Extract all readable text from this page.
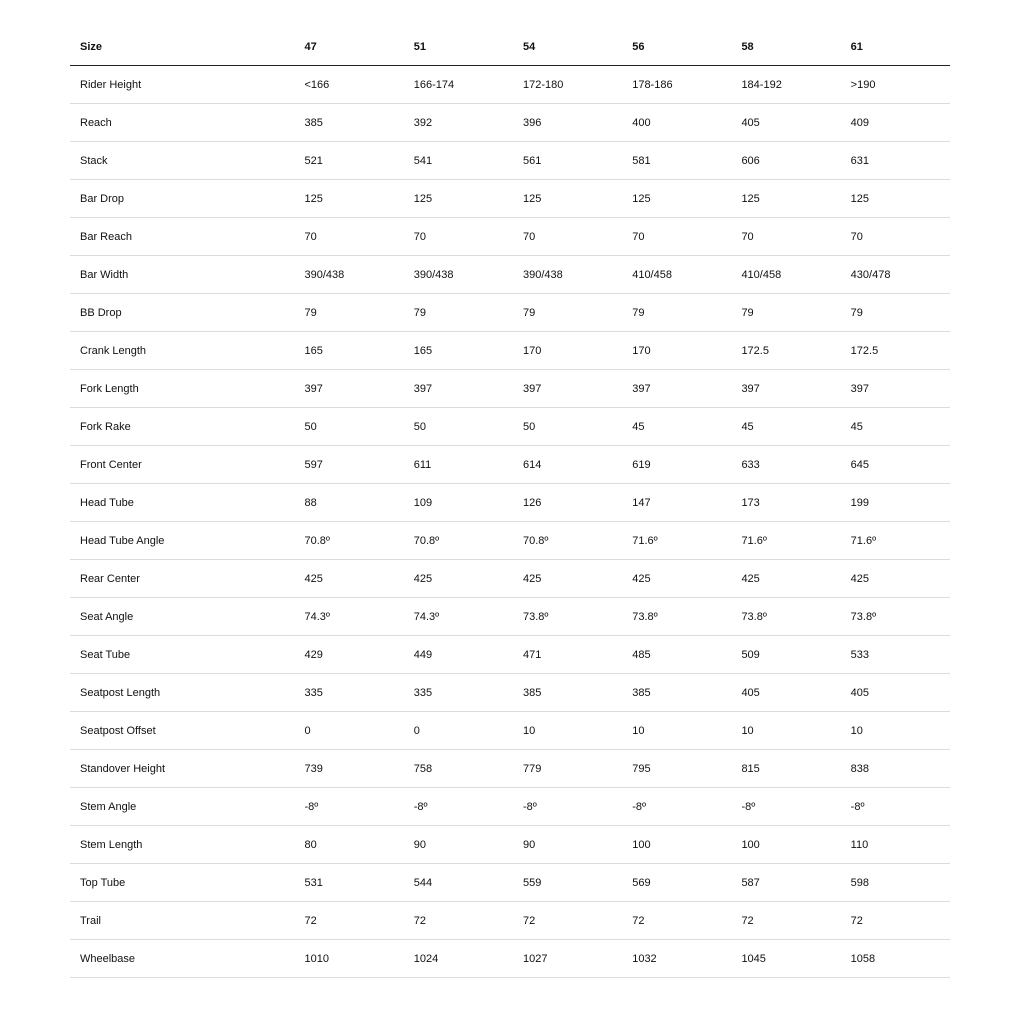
Size	47	51	54	56	58	61
Rider Height	<166	166-174	172-180	178-186	184-192	>190
Reach	385	392	396	400	405	409
Stack	521	541	561	581	606	631
Bar Drop	125	125	125	125	125	125
Bar Reach	70	70	70	70	70	70
Bar Width	390/438	390/438	390/438	410/458	410/458	430/478
BB Drop	79	79	79	79	79	79
Crank Length	165	165	170	170	172.5	172.5
Fork Length	397	397	397	397	397	397
Fork Rake	50	50	50	45	45	45
Front Center	597	611	614	619	633	645
Head Tube	88	109	126	147	173	199
Head Tube Angle	70.8º	70.8º	70.8º	71.6º	71.6º	71.6º
Rear Center	425	425	425	425	425	425
Seat Angle	74.3º	74.3º	73.8º	73.8º	73.8º	73.8º
Seat Tube	429	449	471	485	509	533
Seatpost Length	335	335	385	385	405	405
Seatpost Offset	0	0	10	10	10	10
Standover Height	739	758	779	795	815	838
Stem Angle	-8º	-8º	-8º	-8º	-8º	-8º
Stem Length	80	90	90	100	100	110
Top Tube	531	544	559	569	587	598
Trail	72	72	72	72	72	72
Wheelbase	1010	1024	1027	1032	1045	1058
